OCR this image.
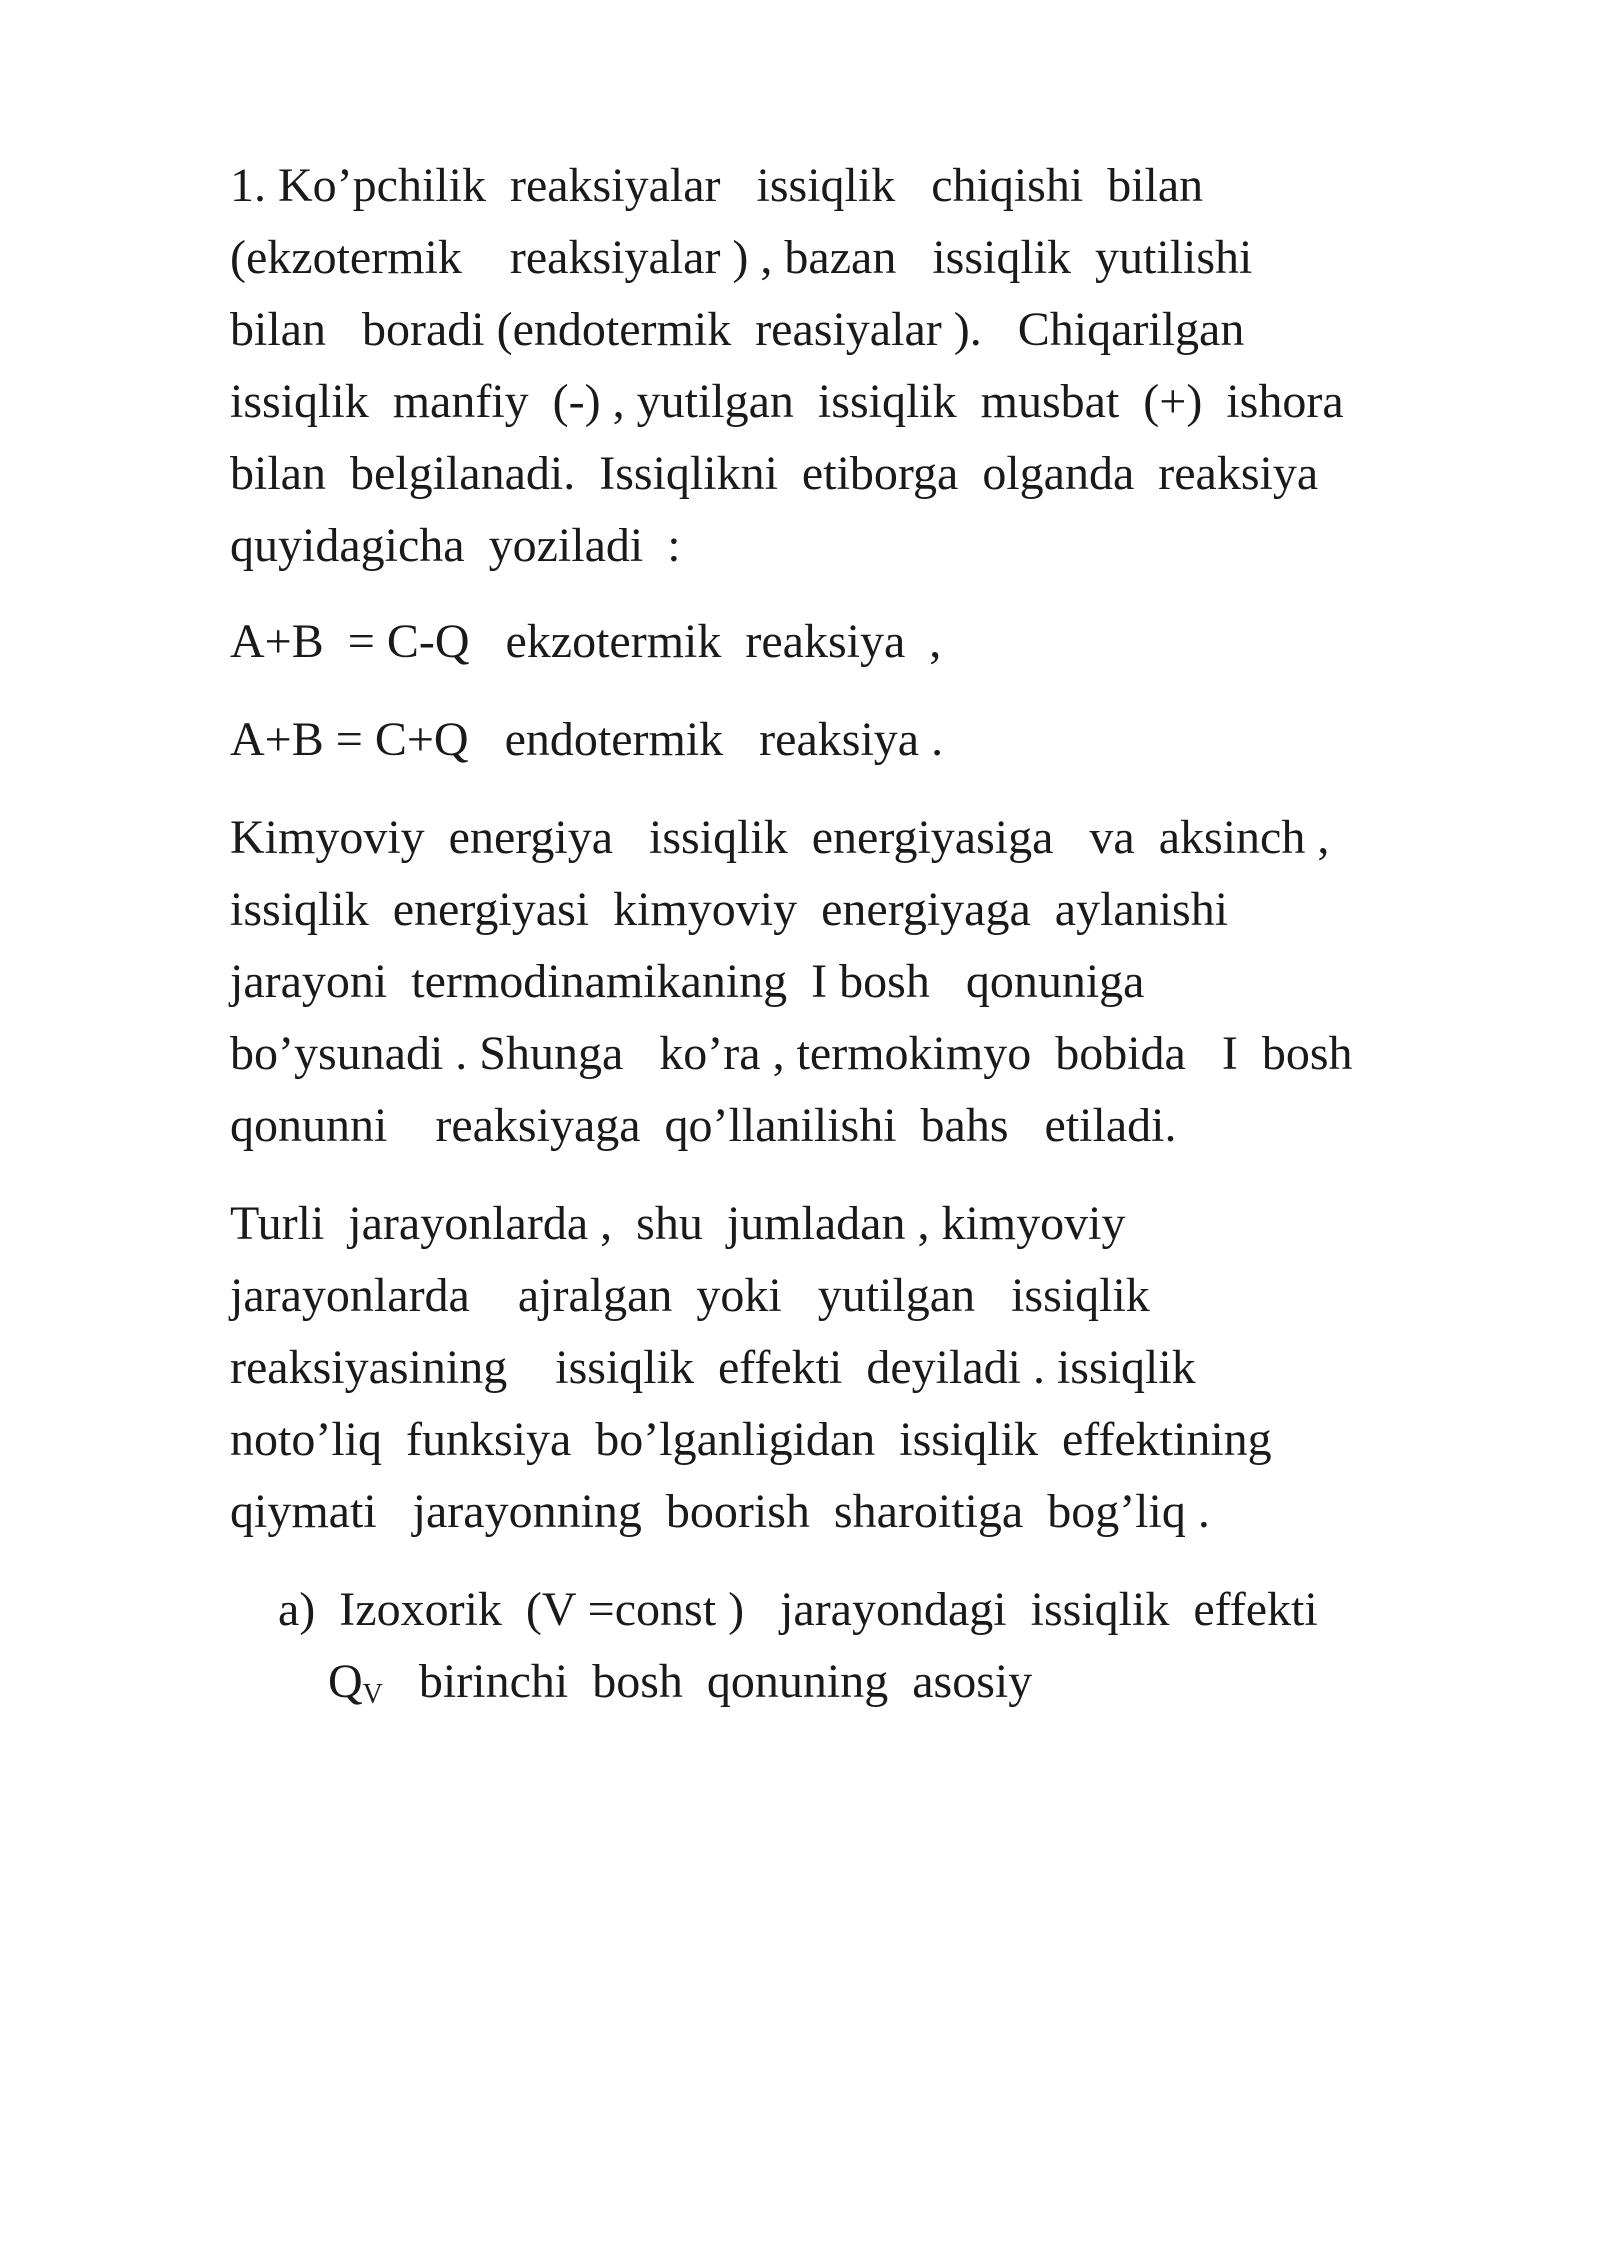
1. Ko’pchilik  reaksiyalar   issiqlik   chiqishi  bilan
(ekzotermik    reaksiyalar ) , bazan   issiqlik  yutilishi
bilan   boradi (endotermik  reasiyalar ).   Chiqarilgan
issiqlik  manfiy  (-) , yutilgan  issiqlik  musbat  (+)  ishora
bilan  belgilanadi.  Issiqlikni  etiborga  olganda  reaksiya
quyidagicha  yoziladi  :
A+B  = C-Q   ekzotermik  reaksiya  ,
A+B = C+Q   endotermik   reaksiya .
Kimyoviy  energiya   issiqlik  energiyasiga   va  aksinch ,
issiqlik  energiyasi  kimyoviy  energiyaga  aylanishi
jarayoni  termodinamikaning  I bosh   qonuniga
bo’ysunadi . Shunga   ko’ra , termokimyo  bobida   I  bosh
qonunni    reaksiyaga  qo’llanilishi  bahs   etiladi.
Turli  jarayonlarda ,  shu  jumladan , kimyoviy
jarayonlarda    ajralgan  yoki   yutilgan   issiqlik
reaksiyasining    issiqlik  effekti  deyiladi . issiqlik
noto’liq  funksiya  bo’lganligidan  issiqlik  effektining
qiymati   jarayonning  boorish  sharoitiga  bog’liq .
a)  Izoxorik  (V =const )   jarayondagi  issiqlik  effekti
$Q_V$   birinchi  bosh  qonuning  asosiy
